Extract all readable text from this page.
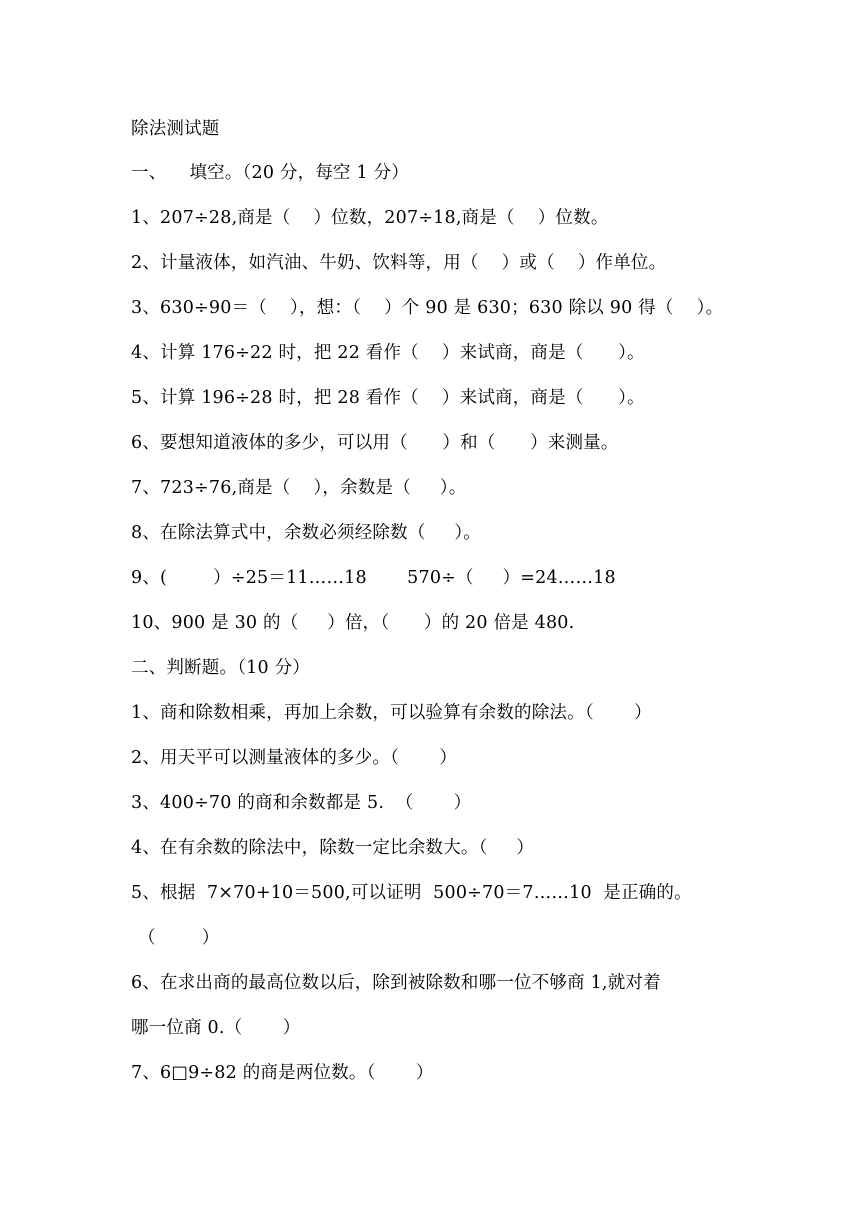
除法测试题
一、    填空。（20 分，每空 1 分）
1、207÷28,商是（    ）位数，207÷18,商是（    ）位数。
2、计量液体，如汽油、牛奶、饮料等，用（    ）或（    ）作单位。
3、630÷90＝（    ），想：（    ）个 90 是 630；630 除以 90 得（    ）。
4、计算 176÷22 时，把 22 看作（    ）来试商，商是（      ）。
5、计算 196÷28 时，把 28 看作（    ）来试商，商是（      ）。
6、要想知道液体的多少，可以用（      ）和（      ）来测量。
7、723÷76,商是（    ），余数是（     ）。
8、在除法算式中，余数必须经除数（     ）。
9、(        ）÷25＝11……18       570÷（     ）=24……18
10、900 是 30 的（     ）倍，（      ）的 20 倍是 480.
二、判断题。（10 分）
1、商和除数相乘，再加上余数，可以验算有余数的除法。（       ）
2、用天平可以测量液体的多少。（       ）
3、400÷70 的商和余数都是 5.  （       ）
4、在有余数的除法中，除数一定比余数大。（     ）
5、根据  7×70+10＝500,可以证明  500÷70＝7……10  是正确的。
（        ）
6、在求出商的最高位数以后，除到被除数和哪一位不够商 1,就对着
哪一位商 0.（       ）
7、6□9÷82 的商是两位数。（       ）
